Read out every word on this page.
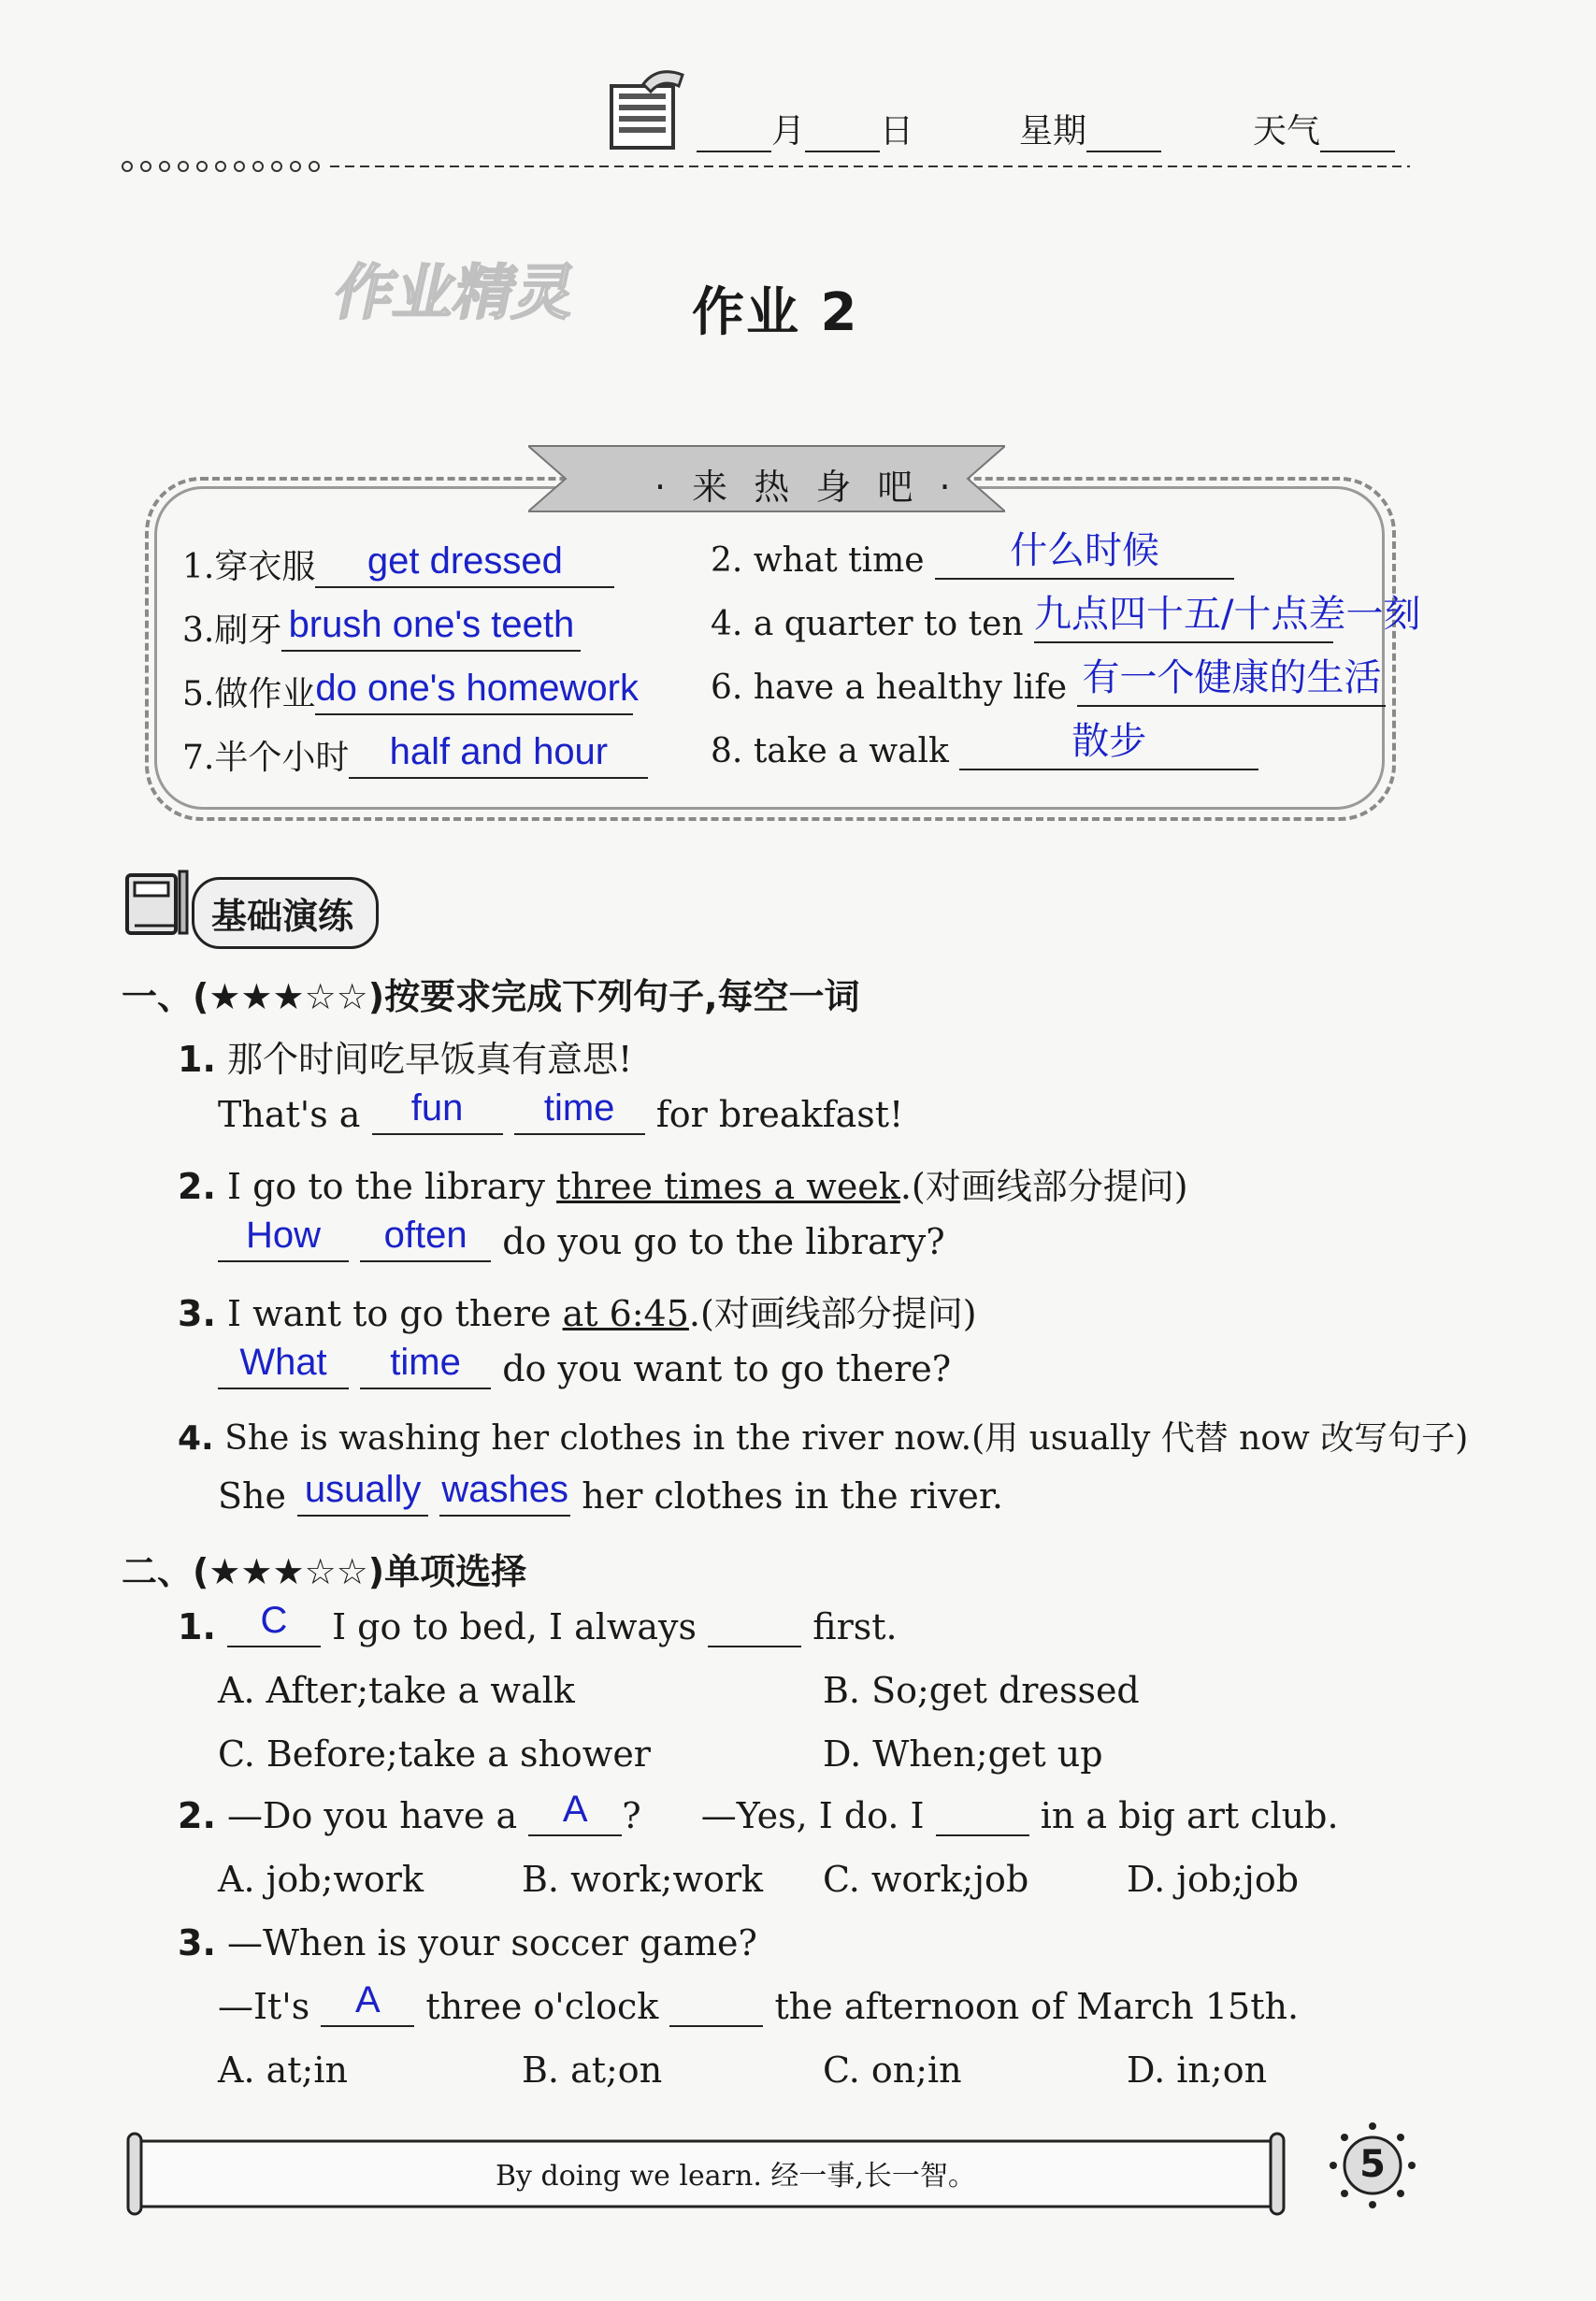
月 日	星期	天气
作业精灵 作业 2
· 来 热 身 吧 ·
1.穿衣服	get dressed	2. what time	什么时候
3.刷牙 brush one's teeth	4. a quarter to ten 九点四十五/十点差一刻
5.做作业 do one's homework 6. have a healthy life 有一个健康的生活
7.半个小时	half and hour	8. take a walk	散步
基础演练
一、(★★★☆☆)按要求完成下列句子,每空一词
1. 那个时间吃早饭真有意思!
That's a	fun
	time	for breakfast!
2. I go to the library three times a week.(对画线部分提问)
How
	often do you go to the library?
3. I want to go there at 6:45.(对画线部分提问)
What
	time	do you want to go there?
4. She is washing her clothes in the river now.(用 usually 代替 now 改写句子)
She usually
washes her clothes in the river.
二、(★★★☆☆)单项选择
1.	C	I go to bed, I always	first.
A. After;take a walk	B. So;get dressed
C. Before;take a shower	D. When;get up
2. —Do you have a	A ? —Yes, I do. I	in a big art club.
A. job;work	B. work;work C. work;job	D. job;job
3. —When is your soccer game?
—It's	A	three o'clock	the afternoon of March 15th.
A. at;in	B. at;on	C. on;in	D. in;on
By doing we learn. 经一事,长一智。	5
